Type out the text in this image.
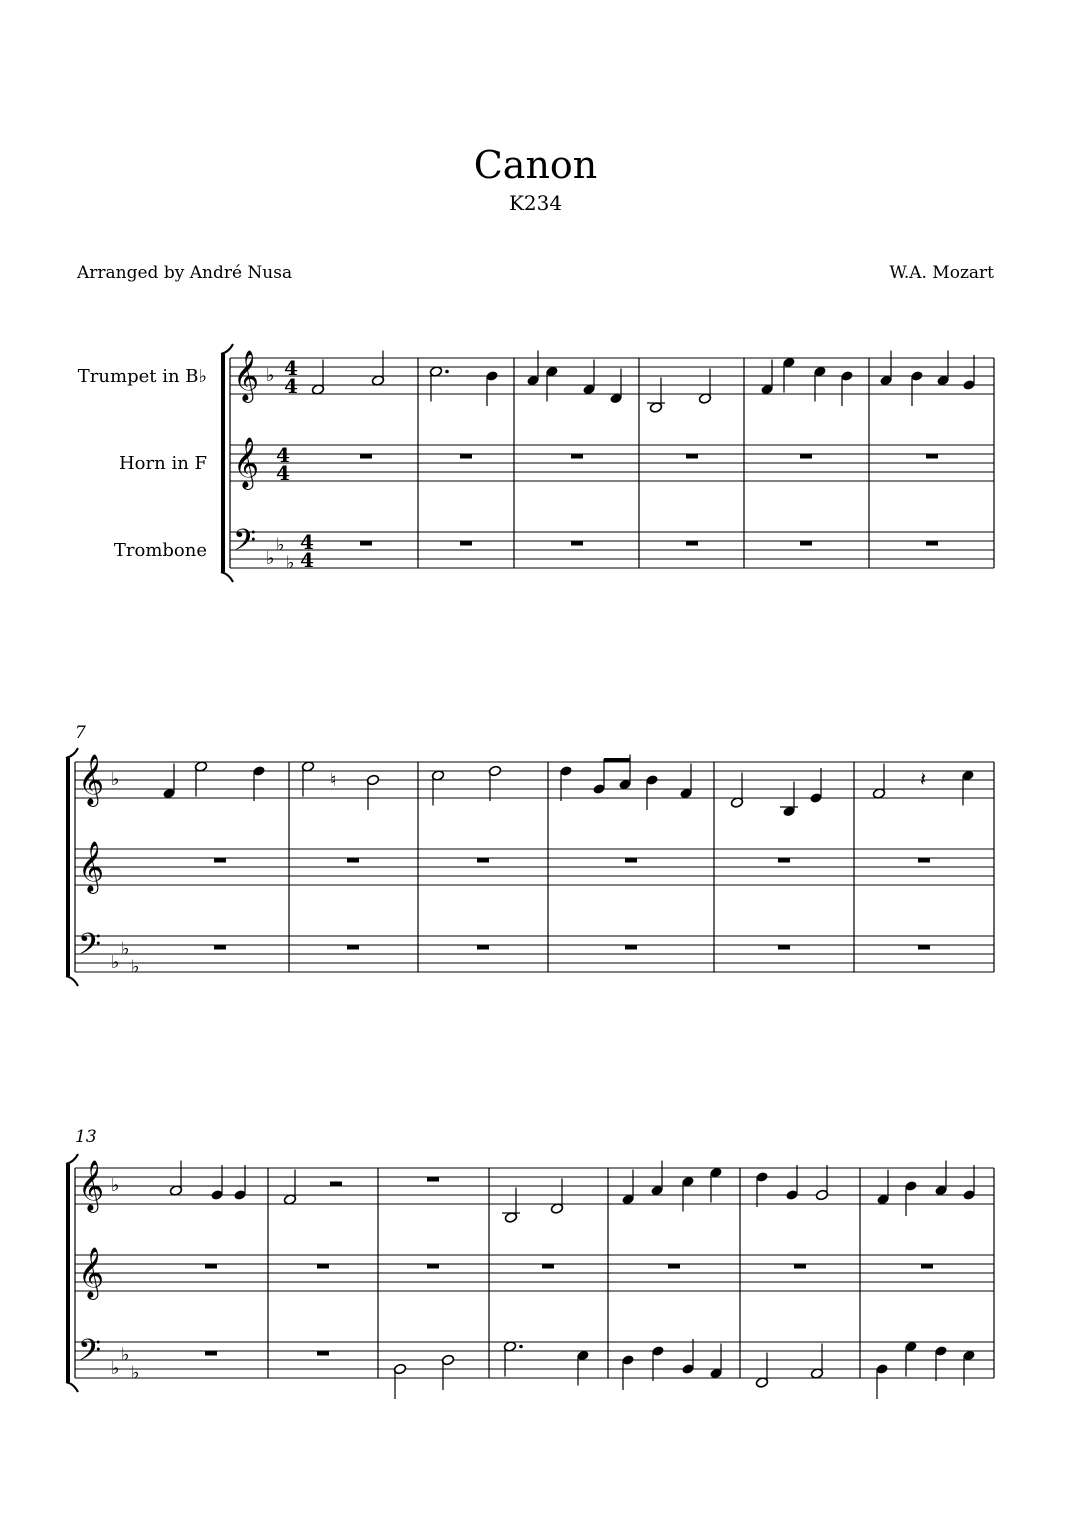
Canon
K234
Arranged by André Nusa	W.A. Mozart
Trumpet in B♭
Horn in F
Trombone
𝄞 ♭ 4
4
𝄞 4
4
𝄢 ♭
♭
♭
4
4
7
𝄞 ♭	♮	𝄽
𝄞
𝄢 ♭
♭
♭
13
𝄞 ♭
𝄞
𝄢 ♭
♭
♭
